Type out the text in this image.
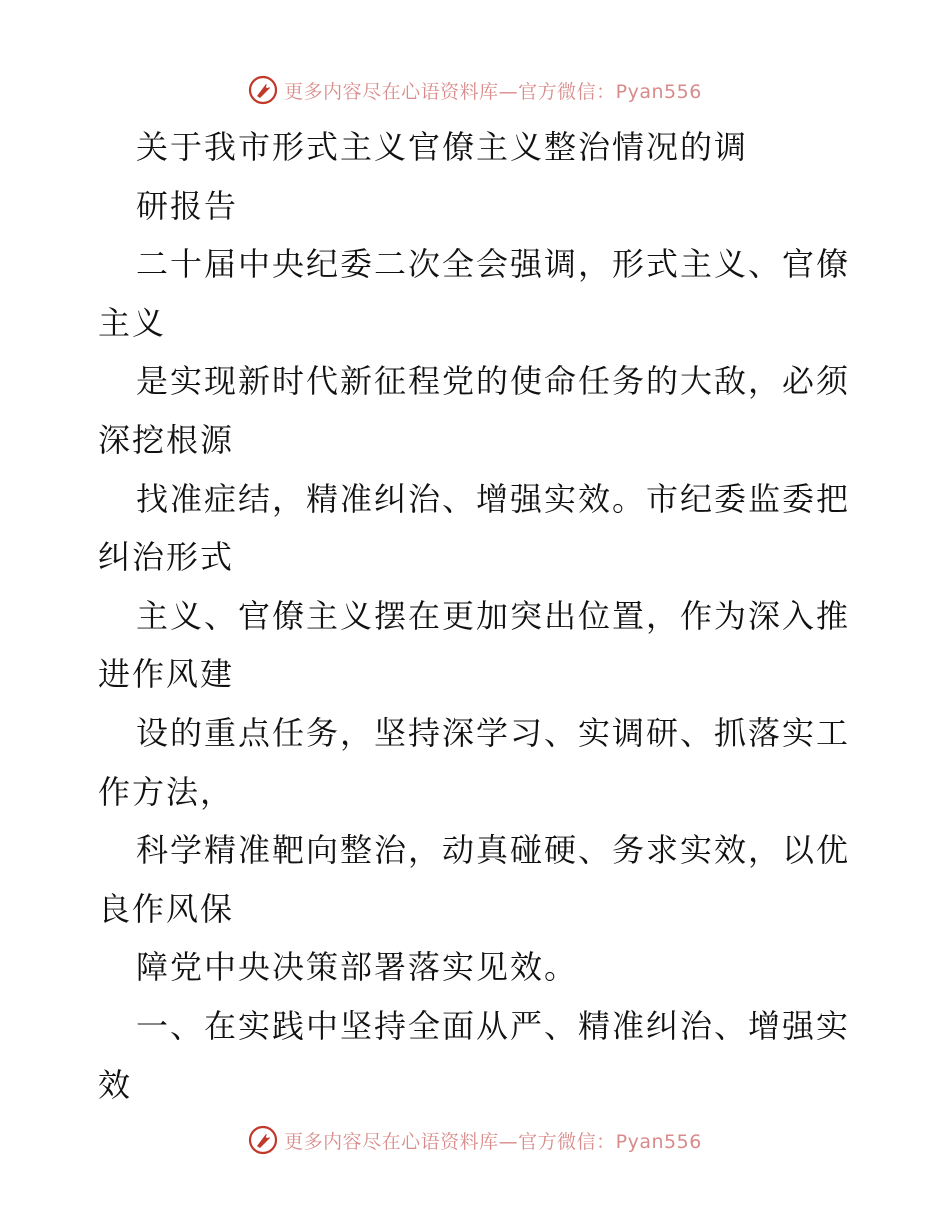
更多内容尽在心语资料库—官方微信：Pyan556
关于我市形式主义官僚主义整治情况的调
研报告
二十届中央纪委二次全会强调，形式主义、官僚
主义
是实现新时代新征程党的使命任务的大敌，必须
深挖根源
找准症结，精准纠治、增强实效。市纪委监委把
纠治形式
主义、官僚主义摆在更加突出位置，作为深入推
进作风建
设的重点任务，坚持深学习、实调研、抓落实工
作方法，
科学精准靶向整治，动真碰硬、务求实效，以优
良作风保
障党中央决策部署落实见效。
一、在实践中坚持全面从严、精准纠治、增强实
效
更多内容尽在心语资料库—官方微信：Pyan556
